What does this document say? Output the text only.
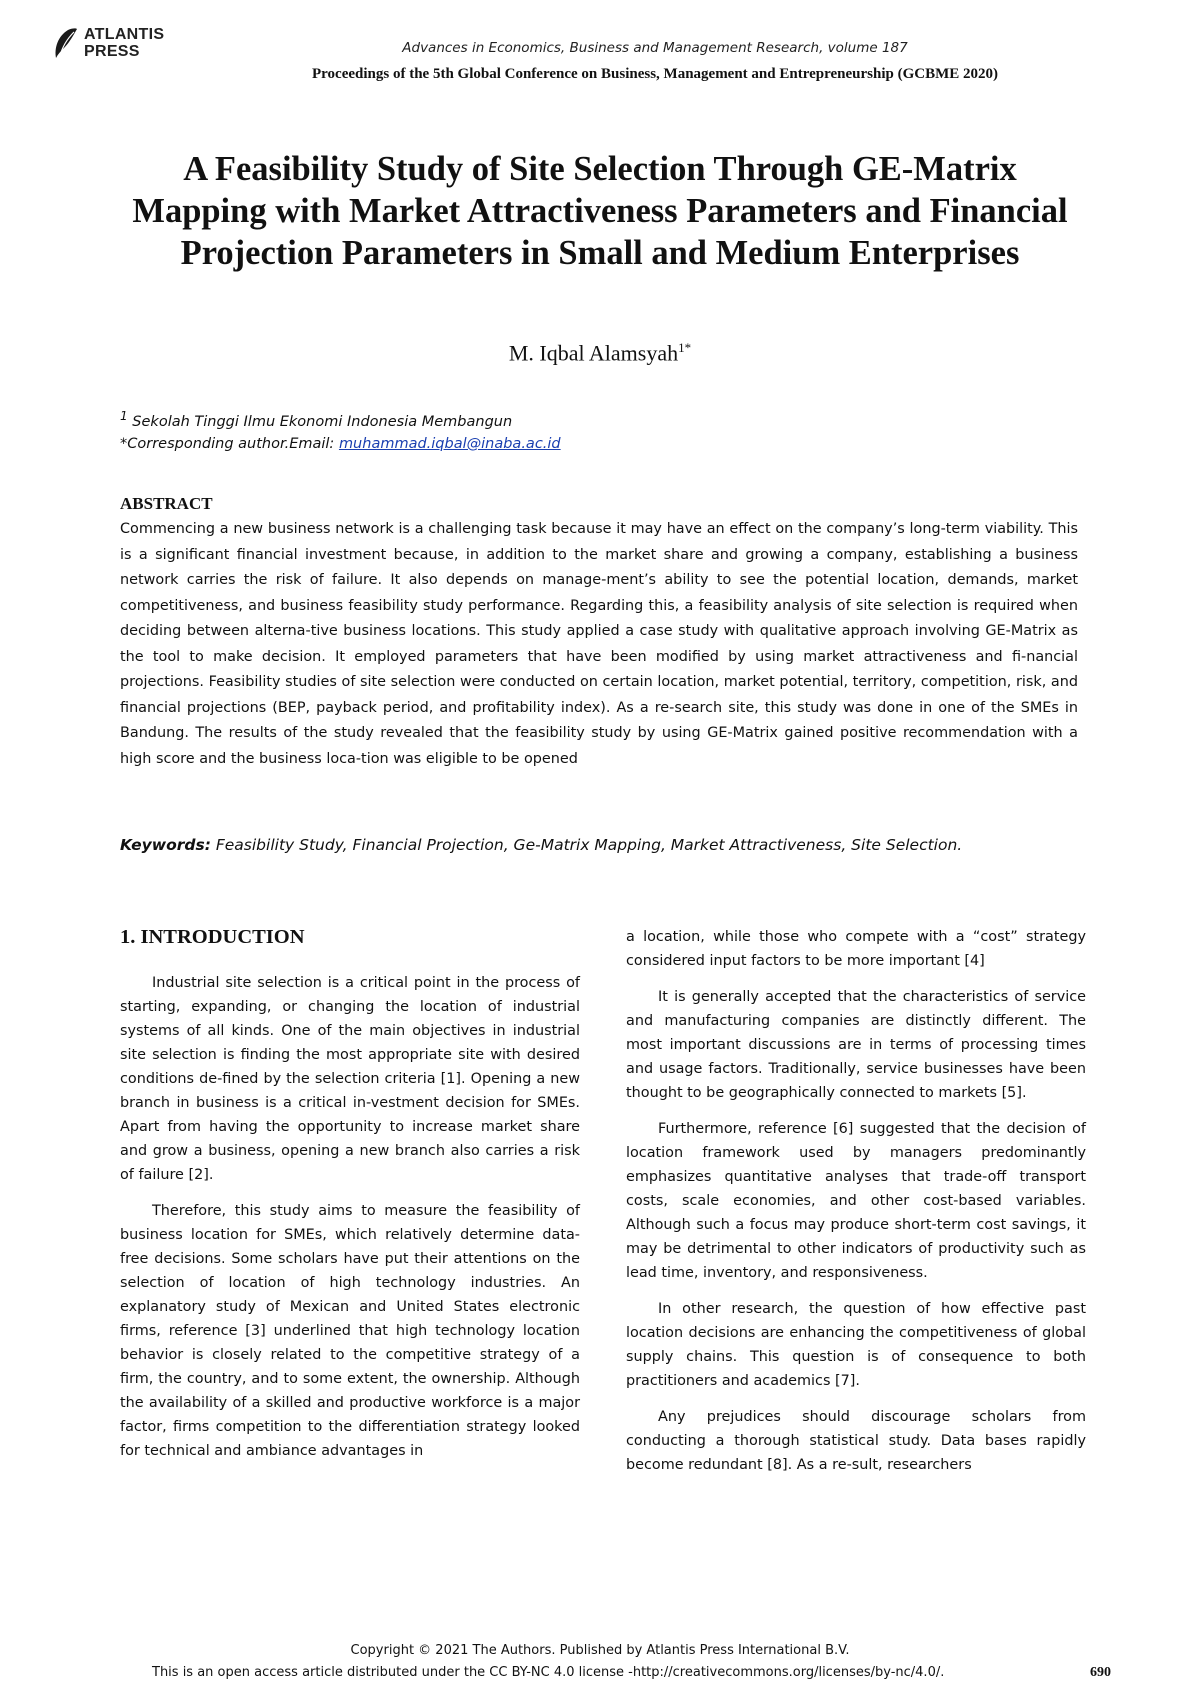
ATLANTIS
PRESS	Advances in Economics, Business and Management Research, volume 187
Proceedings of the 5th Global Conference on Business, Management and Entrepreneurship (GCBME 2020)
A Feasibility Study of Site Selection Through GE-Matrix Mapping with Market Attractiveness Parameters and Financial Projection Parameters in Small and Medium Enterprises
M. Iqbal Alamsyah$^{1*}$
$^1$ Sekolah Tinggi Ilmu Ekonomi Indonesia Membangun
*Corresponding author.Email: muhammad.iqbal@inaba.ac.id
ABSTRACT

Commencing a new business network is a challenging task because it may have an effect on the company’s long-term viability. This is a significant financial investment because, in addition to the market share and growing a company, establishing a business network carries the risk of failure. It also depends on manage-ment’s ability to see the potential location, demands, market competitiveness, and business feasibility study performance. Regarding this, a feasibility analysis of site selection is required when deciding between alterna-tive business locations. This study applied a case study with qualitative approach involving GE-Matrix as the tool to make decision. It employed parameters that have been modified by using market attractiveness and fi-nancial projections. Feasibility studies of site selection were conducted on certain location, market potential, territory, competition, risk, and financial projections (BEP, payback period, and profitability index). As a re-search site, this study was done in one of the SMEs in Bandung. The results of the study revealed that the feasibility study by using GE-Matrix gained positive recommendation with a high score and the business loca-tion was eligible to be opened

Keywords: Feasibility Study, Financial Projection, Ge-Matrix Mapping, Market Attractiveness, Site Selection.

1. INTRODUCTION

Industrial site selection is a critical point in the process of starting, expanding, or changing the location of industrial systems of all kinds. One of the main objectives in industrial site selection is finding the most appropriate site with desired conditions de-fined by the selection criteria [1]. Opening a new branch in business is a critical in-vestment decision for SMEs. Apart from having the opportunity to increase market share and grow a business, opening a new branch also carries a risk of failure [2].

Therefore, this study aims to measure the feasibility of business location for SMEs, which relatively determine data-free decisions. Some scholars have put their attentions on the selection of location of high technology industries. An explanatory study of Mexican and United States electronic firms, reference [3] underlined that high technology location behavior is closely related to the competitive strategy of a firm, the country, and to some extent, the ownership. Although the availability of a skilled and productive workforce is a major factor, firms competition to the differentiation strategy looked for technical and ambiance advantages in

a location, while those who compete with a “cost” strategy considered input factors to be more important [4]

It is generally accepted that the characteristics of service and manufacturing companies are distinctly different. The most important discussions are in terms of processing times and usage factors. Traditionally, service businesses have been thought to be geographically connected to markets [5].

Furthermore, reference [6] suggested that the decision of location framework used by managers predominantly emphasizes quantitative analyses that trade-off transport costs, scale economies, and other cost-based variables. Although such a focus may produce short-term cost savings, it may be detrimental to other indicators of productivity such as lead time, inventory, and responsiveness.

In other research, the question of how effective past location decisions are enhancing the competitiveness of global supply chains. This question is of consequence to both practitioners and academics [7].

Any prejudices should discourage scholars from conducting a thorough statistical study. Data bases rapidly become redundant [8]. As a re-sult, researchers

Copyright © 2021 The Authors. Published by Atlantis Press International B.V.
This is an open access article distributed under the CC BY-NC 4.0 license -http://creativecommons.org/licenses/by-nc/4.0/.	690
